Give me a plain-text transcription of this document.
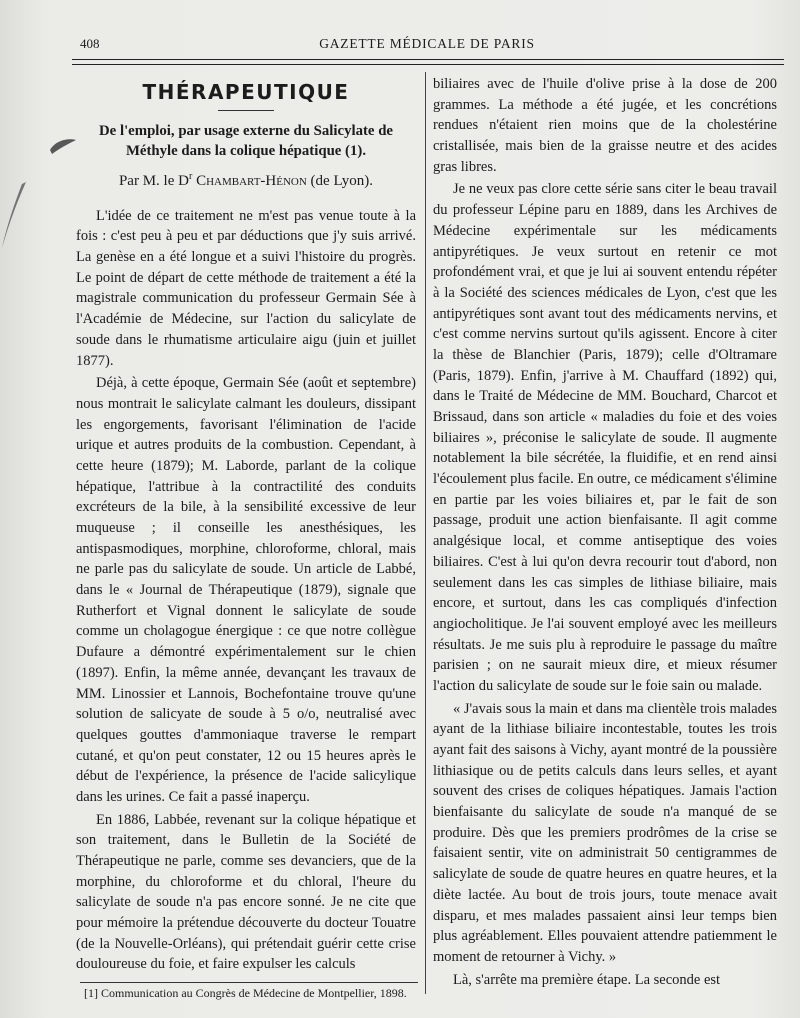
408	GAZETTE MÉDICALE DE PARIS
THÉRAPEUTIQUE
De l'emploi, par usage externe du Salicylate de Méthyle dans la colique hépatique (1).
Par M. le $D^r$ Chambart-Hénon (de Lyon).

L'idée de ce traitement ne m'est pas venue toute à la fois : c'est peu à peu et par déductions que j'y suis arrivé. La genèse en a été longue et a suivi l'histoire du progrès. Le point de départ de cette méthode de traitement a été la magistrale communication du professeur Germain Sée à l'Académie de Médecine, sur l'action du salicylate de soude dans le rhumatisme articulaire aigu (juin et juillet 1877).

Déjà, à cette époque, Germain Sée (août et septembre) nous montrait le salicylate calmant les douleurs, dissipant les engorgements, favorisant l'élimination de l'acide urique et autres produits de la combustion. Cependant, à cette heure (1879); M. Laborde, parlant de la colique hépatique, l'attribue à la contractilité des conduits excréteurs de la bile, à la sensibilité excessive de leur muqueuse ; il conseille les anesthésiques, les antispasmodiques, morphine, chloroforme, chloral, mais ne parle pas du salicylate de soude. Un article de Labbé, dans le « Journal de Thérapeutique (1879), signale que Rutherfort et Vignal donnent le salicylate de soude comme un cholagogue énergique : ce que notre collègue Dufaure a démontré expérimentalement sur le chien (1897). Enfin, la même année, devançant les travaux de MM. Linossier et Lannois, Bochefontaine trouve qu'une solution de salicyate de soude à 5 o/o, neutralisé avec quelques gouttes d'ammoniaque traverse le rempart cutané, et qu'on peut constater, 12 ou 15 heures après le début de l'expérience, la présence de l'acide salicylique dans les urines. Ce fait a passé inaperçu.

En 1886, Labbée, revenant sur la colique hépatique et son traitement, dans le Bulletin de la Société de Thérapeutique ne parle, comme ses devanciers, que de la morphine, du chloroforme et du chloral, l'heure du salicylate de soude n'a pas encore sonné. Je ne cite que pour mémoire la prétendue découverte du docteur Touatre (de la Nouvelle-Orléans), qui prétendait guérir cette crise douloureuse du foie, et faire expulser les calculs

biliaires avec de l'huile d'olive prise à la dose de 200 grammes. La méthode a été jugée, et les concrétions rendues n'étaient rien moins que de la cholestérine cristallisée, mais bien de la graisse neutre et des acides gras libres.

Je ne veux pas clore cette série sans citer le beau travail du professeur Lépine paru en 1889, dans les Archives de Médecine expérimentale sur les médicaments antipyrétiques. Je veux surtout en retenir ce mot profondément vrai, et que je lui ai souvent entendu répéter à la Société des sciences médicales de Lyon, c'est que les antipyrétiques sont avant tout des médicaments nervins, et c'est comme nervins surtout qu'ils agissent. Encore à citer la thèse de Blanchier (Paris, 1879); celle d'Oltramare (Paris, 1879). Enfin, j'arrive à M. Chauffard (1892) qui, dans le Traité de Médecine de MM. Bouchard, Charcot et Brissaud, dans son article « maladies du foie et des voies biliaires », préconise le salicylate de soude. Il augmente notablement la bile sécrétée, la fluidifie, et en rend ainsi l'écoulement plus facile. En outre, ce médicament s'élimine en partie par les voies biliaires et, par le fait de son passage, produit une action bienfaisante. Il agit comme analgésique local, et comme antiseptique des voies biliaires. C'est à lui qu'on devra recourir tout d'abord, non seulement dans les cas simples de lithiase biliaire, mais encore, et surtout, dans les cas compliqués d'infection angiocholitique. Je l'ai souvent employé avec les meilleurs résultats. Je me suis plu à reproduire le passage du maître parisien ; on ne saurait mieux dire, et mieux résumer l'action du salicylate de soude sur le foie sain ou malade.

« J'avais sous la main et dans ma clientèle trois malades ayant de la lithiase biliaire incontestable, toutes les trois ayant fait des saisons à Vichy, ayant montré de la poussière lithiasique ou de petits calculs dans leurs selles, et ayant souvent des crises de coliques hépatiques. Jamais l'action bienfaisante du salicylate de soude n'a manqué de se produire. Dès que les premiers prodrômes de la crise se faisaient sentir, vite on administrait 50 centigrammes de salicylate de soude de quatre heures en quatre heures, et la diète lactée. Au bout de trois jours, toute menace avait disparu, et mes malades passaient ainsi leur temps bien plus agréablement. Elles pouvaient attendre patiemment le moment de retourner à Vichy. »

Là, s'arrête ma première étape. La seconde est

[1] Communication au Congrès de Médecine de Montpellier, 1898.
